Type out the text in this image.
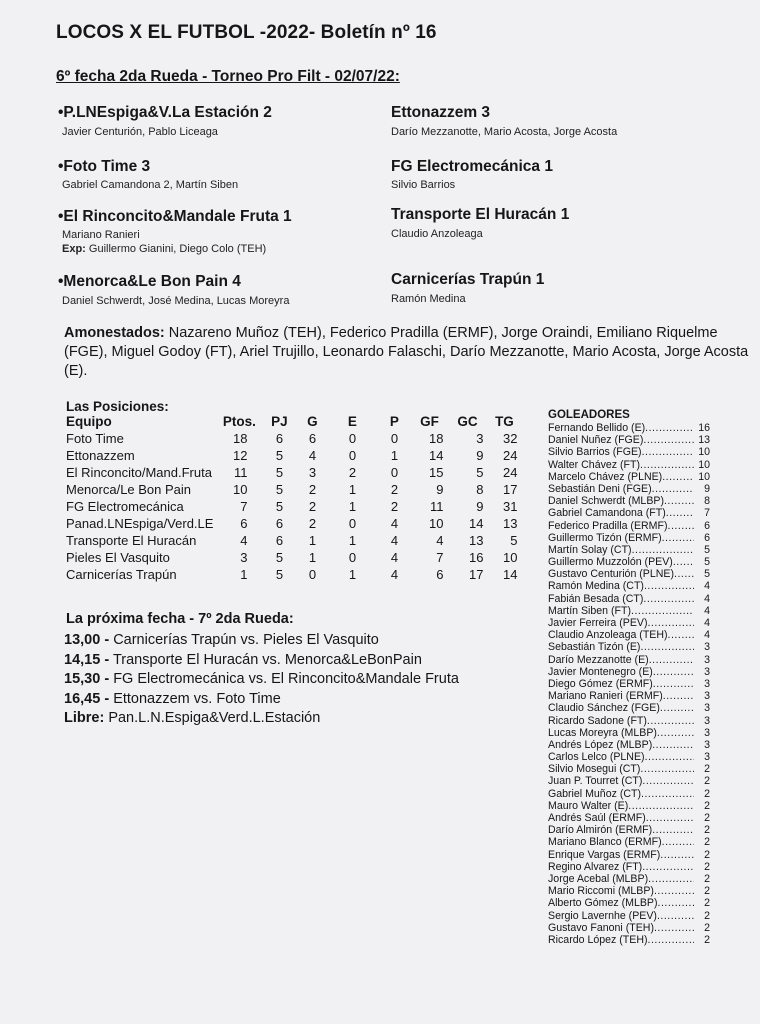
LOCOS X EL FUTBOL -2022- Boletín nº 16
6º fecha 2da Rueda - Torneo Pro Filt - 02/07/22:
•P.LNEspiga&V.La Estación 2
Javier Centurión, Pablo Liceaga
Ettonazzem 3
Darío Mezzanotte, Mario Acosta, Jorge Acosta
•Foto Time 3
Gabriel Camandona 2, Martín Siben
FG Electromecánica 1
Silvio Barrios
•El Rinconcito&Mandale Fruta 1
Mariano Ranieri
Exp: Guillermo Gianini, Diego Colo (TEH)
Transporte El Huracán 1
Claudio Anzoleaga
•Menorca&Le Bon Pain 4
Daniel Schwerdt, José Medina, Lucas Moreyra
Carnicerías Trapún 1
Ramón Medina
Amonestados: Nazareno Muñoz (TEH), Federico Pradilla (ERMF), Jorge Oraindi, Emiliano Riquelme (FGE), Miguel Godoy (FT), Ariel Trujillo, Leonardo Falaschi, Darío Mezzanotte, Mario Acosta, Jorge Acosta (E).
Las Posiciones:
Equipo	Ptos.	PJ	G	E	P	GF	GC	TG
Foto Time	18	6	6	0	0	18	3	32
Ettonazzem	12	5	4	0	1	14	9	24
El Rinconcito/Mand.Fruta	11	5	3	2	0	15	5	24
Menorca/Le Bon Pain	10	5	2	1	2	9	8	17
FG Electromecánica	7	5	2	1	2	11	9	31
Panad.LNEspiga/Verd.LE	6	6	2	0	4	10	14	13
Transporte El Huracán	4	6	1	1	4	4	13	5
Pieles El Vasquito	3	5	1	0	4	7	16	10
Carnicerías Trapún	1	5	0	1	4	6	17	14
GOLEADORES
Fernando Bellido (E) .....	16
Daniel Nuñez (FGE) .....	13
Silvio Barrios (FGE) .....	10
Walter Chávez (FT) .....	10
Marcelo Chávez (PLNE) .....	10
Sebastián Deni (FGE) .....	9
Daniel Schwerdt (MLBP) .....	8
Gabriel Camandona (FT) .....	7
Federico Pradilla (ERMF) .....	6
Guillermo Tizón (ERMF) .....	6
Martín Solay (CT) .....	5
Guillermo Muzzolón (PEV) .....	5
Gustavo Centurión (PLNE) .....	5
Ramón Medina (CT) .....	4
Fabián Besada (CT) .....	4
Martín Siben (FT) .....	4
Javier Ferreira (PEV) .....	4
Claudio Anzoleaga (TEH) .....	4
Sebastián Tizón (E) .....	3
Darío Mezzanotte (E) .....	3
Javier Montenegro (E) .....	3
Diego Gómez (ERMF) .....	3
Mariano Ranieri (ERMF) .....	3
Claudio Sánchez (FGE) .....	3
Ricardo Sadone (FT) .....	3
Lucas Moreyra (MLBP) .....	3
Andrés López (MLBP) .....	3
Carlos Lelco (PLNE) .....	3
Silvio Mosegui (CT) .....	2
Juan P. Tourret (CT) .....	2
Gabriel Muñoz (CT) .....	2
Mauro Walter (E) .....	2
Andrés Saúl (ERMF) .....	2
Darío Almirón (ERMF) .....	2
Mariano Blanco (ERMF) .....	2
Enrique Vargas (ERMF) .....	2
Regino Alvarez (FT) .....	2
Jorge Acebal (MLBP) .....	2
Mario Riccomi (MLBP) .....	2
Alberto Gómez (MLBP) .....	2
Sergio Lavernhe (PEV) .....	2
Gustavo Fanoni (TEH) .....	2
Ricardo López (TEH) .....	2
La próxima fecha - 7º 2da Rueda:
13,00 - Carnicerías Trapún vs. Pieles El Vasquito
14,15 - Transporte El Huracán vs. Menorca&LeBonPain
15,30 - FG Electromecánica vs. El Rinconcito&Mandale Fruta
16,45 - Ettonazzem vs. Foto Time
Libre: Pan.L.N.Espiga&Verd.L.Estación
